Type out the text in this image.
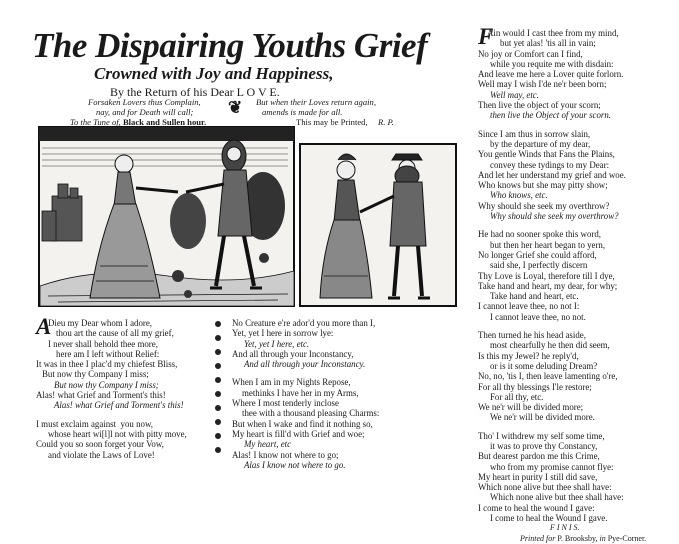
The Dispairing Youths Grief
Crowned with Joy and Happiness,
By the Return of his Dear L O V E.
Forsaken Lovers thus Complain,
nay, and for Death will call; ❦ But when their Loves return again,
amends is made for all.
To the Tune of, Black and Sullen hour.	This may be Printed, R. P.
A
Dieu my Dear whom I adore,
thou art the cause of all my grief,
I never shall behold thee more,
here am I left without Relief:
It was in thee I plac'd my chiefest Bliss,
But now thy Company I miss;
But now thy Company I miss;
Alas! what Grief and Torment's this!
Alas! what Grief and Torment's this!
I must exclaim against  you now,
whose heart wi[l]l not with pitty move,
Could you so soon forget your Vow,
and violate the Laws of Love!
No Creature e're ador'd you more than I,
Yet, yet I here in sorrow lye:
Yet, yet I here, etc.
And all through your Inconstancy,
And all through your Inconstancy.
When I am in my Nights Repose,
methinks I have her in my Arms,
Where I most tenderly inclose
thee with a thousand pleasing Charms:
But when I wake and find it nothing so,
My heart is fill'd with Grief and woe;
My heart, etc
Alas! I know not where to go;
Alas I know not where to go.
F
Ain would I cast thee from my mind,
but yet alas! 'tis all in vain;
No joy or Comfort can I find,
while you requite me with disdain:
And leave me here a Lover quite forlorn.
Well may I wish I'de ne'r been born;
Well may, etc.
Then live the object of your scorn;
then live the Object of your scorn.
Since I am thus in sorrow slain,
by the departure of my dear,
You gentle Winds that Fans the Plains,
convey these tydings to my Dear:
And let her understand my grief and woe.
Who knows but she may pitty show;
Who knows, etc.
Why should she seek my overthrow?
Why should she seek my overthrow?
He had no sooner spoke this word,
but then her heart began to yern,
No longer Grief she could afford,
said she, I perfectly discern
Thy Love is Loyal, therefore till I dye,
Take hand and heart, my dear, for why;
Take hand and heart, etc.
I cannot leave thee, no not I:
I cannot leave thee, no not.
Then turned he his head aside,
most chearfully he then did seem,
Is this my Jewel? he reply'd,
or is it some deluding Dream?
No, no, 'tis I, then leave lamenting o're,
For all thy blessings I'le restore;
For all thy, etc.
We ne'r will be divided more;
We ne'r will be divided more.
Tho' I withdrew my self some time,
it was to prove thy Constancy,
But dearest pardon me this Crime,
who from my promise cannot flye:
My heart in purity I still did save,
Which none alive but thee shall have:
Which none alive but thee shall have:
I come to heal the wound I gave:
I come to heal the Wound I gave.
F I N I S.
Printed for P. Brooksby, in Pye-Corner.
